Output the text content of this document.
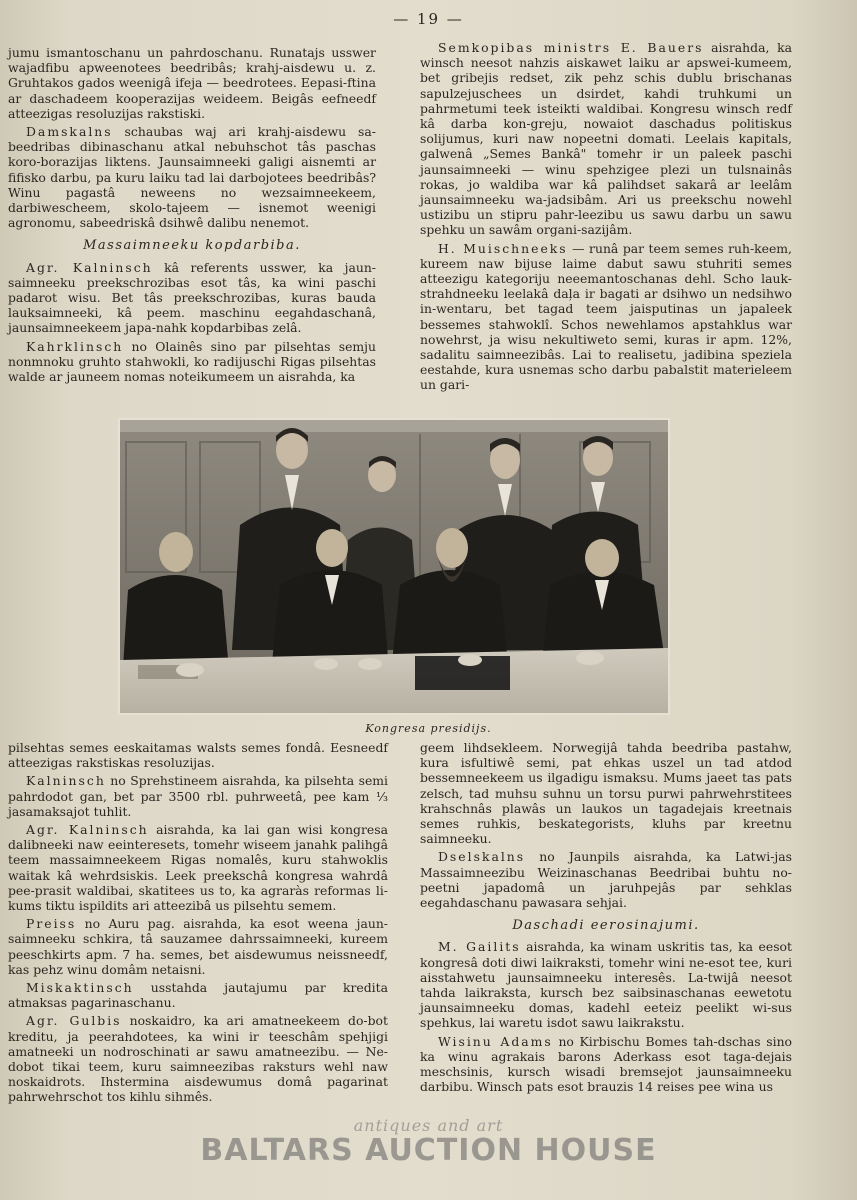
— 19 —

jumu ismantoschanu un pahrdoschanu. Runatajs usswer wajadfibu apweenotees beedribâs; krahj-aisdewu u. z. Gruhtakos gados weenigâ ifeja — beedrotees. Eepasi-ftina ar daschadeem kooperazijas weideem. Beigâs eefneedf atteezigas resoluzijas rakstiski.

Damskalns schaubas waj ari krahj-aisdewu sa-beedribas dibinaschanu atkal nebuhschot tâs paschas koro-borazijas liktens. Jaunsaimneeki galigi aisnemti ar fifisko darbu, pa kuru laiku tad lai darbojotees beedribâs? Winu pagastâ neweens no wezsaimneekeem, darbiwescheem, skolo-tajeem — isnemot weenigi agronomu, sabeedriskâ dsihwê dalibu nenemot.

Massaimneeku kopdarbiba.

Agr. Kalninsch kâ referents usswer, ka jaun-saimneeku preekschrozibas esot tâs, ka wini paschi padarot wisu. Bet tâs preekschrozibas, kuras bauda lauksaimneeki, kâ peem. maschinu eegahdaschanâ, jaunsaimneekeem japa-nahk kopdarbibas zelâ.

Kahrklinsch no Olainês sino par pilsehtas semju nonmnoku gruhto stahwokli, ko radijuschi Rigas pilsehtas walde ar jauneem nomas noteikumeem un aisrahda, ka

Semkopibas ministrs E. Bauers aisrahda, ka winsch neesot nahzis aiskawet laiku ar apswei-kumeem, bet gribejis redset, zik pehz schis dublu brischanas sapulzejuschees un dsirdet, kahdi truhkumi un pahrmetumi teek isteikti waldibai. Kongresu winsch redf kâ darba kon-greju, nowaiot daschadus politiskus solijumus, kuri naw nopeetni domati. Leelais kapitals, galwenâ „Semes Bankâ" tomehr ir un paleek paschi jaunsaimneeki — winu spehzigee plezi un tulsnainâs rokas, jo waldiba war kâ palihdset sakarâ ar leelâm jaunsaimneeku wa-jadsibâm. Ari us preekschu nowehl ustizibu un stipru pahr-leezibu us sawu darbu un sawu spehku un sawâm organi-sazijâm.

H. Muischneeks — runâ par teem semes ruh-keem, kureem naw bijuse laime dabut sawu stuhriti semes atteezigu kategoriju neeemantoschanas dehl. Scho lauk-strahdneeku leelakâ daļa ir bagati ar dsihwo un nedsihwo in-wentaru, bet tagad teem jaisputinas un japaleek bessemes stahwoklî. Schos newehlamos apstahklus war nowehrst, ja wisu nekultiweto semi, kuras ir apm. 12%, sadalitu saimneezibâs. Lai to realisetu, jadibina speziela eestahde, kura usnemas scho darbu pabalstit materieleem un gari-

Kongresa presidijs.

pilsehtas semes eeskaitamas walsts semes fondâ. Eesneedf atteezigas rakstiskas resoluzijas.

Kalninsch no Sprehstineem aisrahda, ka pilsehta semi pahrdodot gan, bet par 3500 rbl. puhrweetâ, pee kam ⅓ jasamaksajot tuhlit.

Agr. Kalninsch aisrahda, ka lai gan wisi kongresa dalibneeki naw eeinteresets, tomehr wiseem janahk palihgâ teem massaimneekeem Rigas nomalês, kuru stahwoklis waitak kâ wehrdsiskis. Leek preekschâ kongresa wahrdâ pee-prasit waldibai, skatitees us to, ka agraràs reformas li-kums tiktu ispildits ari atteezibâ us pilsehtu semem.

Preiss no Auru pag. aisrahda, ka esot weena jaun-saimneeku schkira, tâ sauzamee dahrssaimneeki, kureem peeschkirts apm. 7 ha. semes, bet aisdewumus neissneedf, kas pehz winu domâm netaisni.

Miskaktinsch usstahda jautajumu par kredita atmaksas pagarinaschanu.

Agr. Gulbis noskaidro, ka ari amatneekeem do-bot kreditu, ja peerahdotees, ka wini ir teeschâm spehjigi amatneeki un nodroschinati ar sawu amatneezibu. — Ne-dobot tikai teem, kuru saimneezibas raksturs wehl naw noskaidrots. Ihstermina aisdewumus domâ pagarinat pahrwehrschot tos kihlu sihmês.

geem lihdsekleem. Norwegijâ tahda beedriba pastahw, kura isfultiwê semi, pat ehkas uszel un tad atdod bessemneekeem us ilgadigu ismaksu. Mums jaeet tas pats zelsch, tad muhsu suhnu un torsu purwi pahrwehrstitees krahschnâs plawâs un laukos un tagadejais kreetnais semes ruhkis, beskategorists, kluhs par kreetnu saimneeku.

Dselskalns no Jaunpils aisrahda, ka Latwi-jas Massaimneezibu Weizinaschanas Beedribai buhtu no-peetni japadomâ un jaruhpejâs par sehklas eegahdaschanu pawasara sehjai.

Daschadi eerosinajumi.

M. Gailits aisrahda, ka winam uskritis tas, ka eesot kongresâ doti diwi laikraksti, tomehr wini ne-esot tee, kuri aisstahwetu jaunsaimneeku interesês. La-twijâ neesot tahda laikraksta, kursch bez saibsinaschanas eewetotu jaunsaimneeku domas, kadehl eeteiz peelikt wi-sus spehkus, lai waretu isdot sawu laikrakstu.

Wisinu Adams no Kirbischu Bomes tah-dschas sino ka winu agrakais barons Aderkass esot taga-dejais meschsinis, kursch wisadi bremsejot jaunsaimneeku darbibu. Winsch pats esot brauzis 14 reises pee wina us

antiques and art
BALTARS AUCTION HOUSE
